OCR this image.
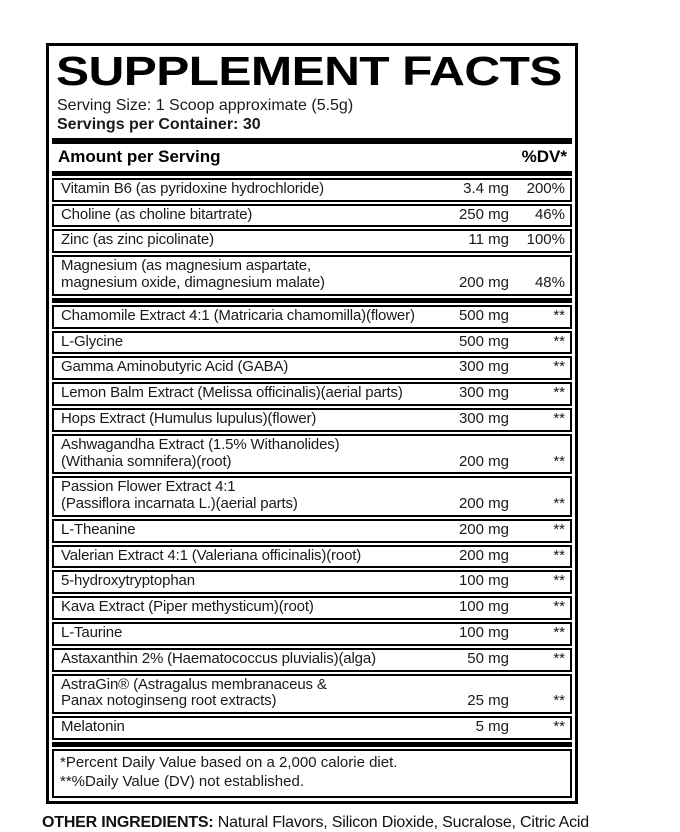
SUPPLEMENT FACTS
Serving Size: 1 Scoop approximate (5.5g)
Servings per Container: 30
Amount per Serving	%DV*
Vitamin B6 (as pyridoxine hydrochloride)	3.4 mg	200%
Choline (as choline bitartrate)	250 mg	46%
Zinc (as zinc picolinate)	11 mg	100%
Magnesium (as magnesium aspartate,
magnesium oxide, dimagnesium malate)	200 mg	48%
Chamomile Extract 4:1 (Matricaria chamomilla)(flower)	500 mg	**
L-Glycine	500 mg	**
Gamma Aminobutyric Acid (GABA)	300 mg	**
Lemon Balm Extract (Melissa officinalis)(aerial parts)	300 mg	**
Hops Extract (Humulus lupulus)(flower)	300 mg	**
Ashwagandha Extract (1.5% Withanolides)
(Withania somnifera)(root)	200 mg	**
Passion Flower Extract 4:1
(Passiflora incarnata L.)(aerial parts)	200 mg	**
L-Theanine	200 mg	**
Valerian Extract 4:1 (Valeriana officinalis)(root)	200 mg	**
5-hydroxytryptophan	100 mg	**
Kava Extract (Piper methysticum)(root)	100 mg	**
L-Taurine	100 mg	**
Astaxanthin 2% (Haematococcus pluvialis)(alga)	50 mg	**
AstraGin® (Astragalus membranaceus &
Panax notoginseng root extracts)	25 mg	**
Melatonin	5 mg	**
*Percent Daily Value based on a 2,000 calorie diet.
**%Daily Value (DV) not established.
OTHER INGREDIENTS: Natural Flavors, Silicon Dioxide, Sucralose, Citric Acid
